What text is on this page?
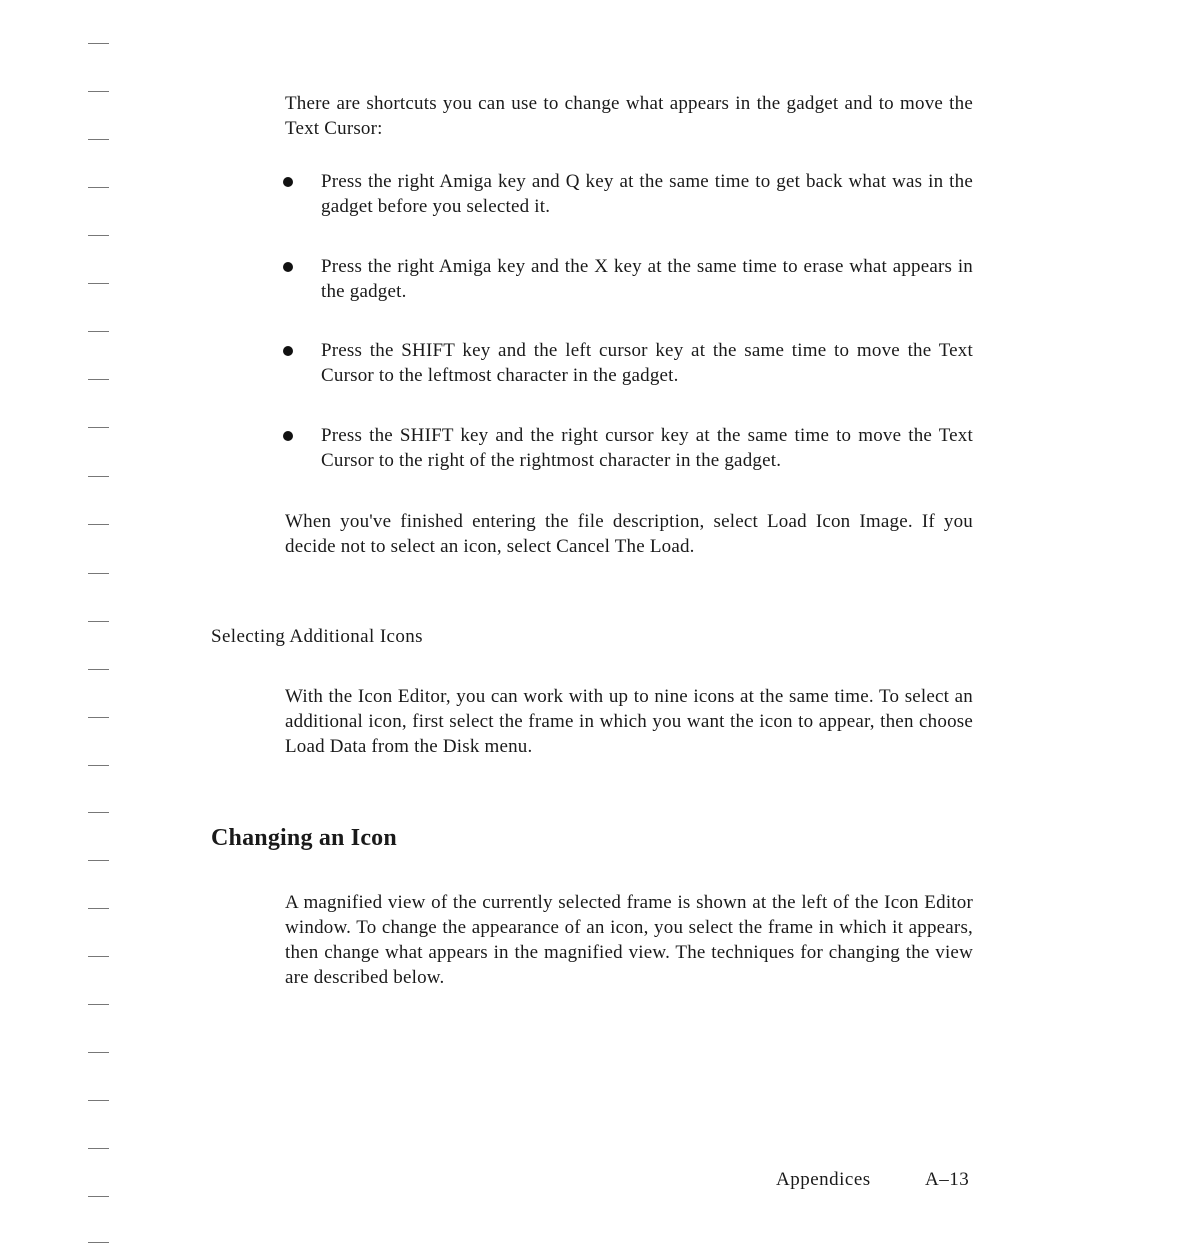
There are shortcuts you can use to change what appears in the gadget and to move the Text Cursor:

Press the right Amiga key and Q key at the same time to get back what was in the gadget before you selected it.
Press the right Amiga key and the X key at the same time to erase what appears in the gadget.
Press the SHIFT key and the left cursor key at the same time to move the Text Cursor to the leftmost character in the gadget.
Press the SHIFT key and the right cursor key at the same time to move the Text Cursor to the right of the rightmost character in the gadget.

When you've finished entering the file description, select Load Icon Image. If you decide not to select an icon, select Cancel The Load.

Selecting Additional Icons

With the Icon Editor, you can work with up to nine icons at the same time. To select an additional icon, first select the frame in which you want the icon to appear, then choose Load Data from the Disk menu.

Changing an Icon

A magnified view of the currently selected frame is shown at the left of the Icon Editor window. To change the appearance of an icon, you select the frame in which it appears, then change what appears in the magnified view. The techniques for changing the view are described below.

Appendices	A–13
